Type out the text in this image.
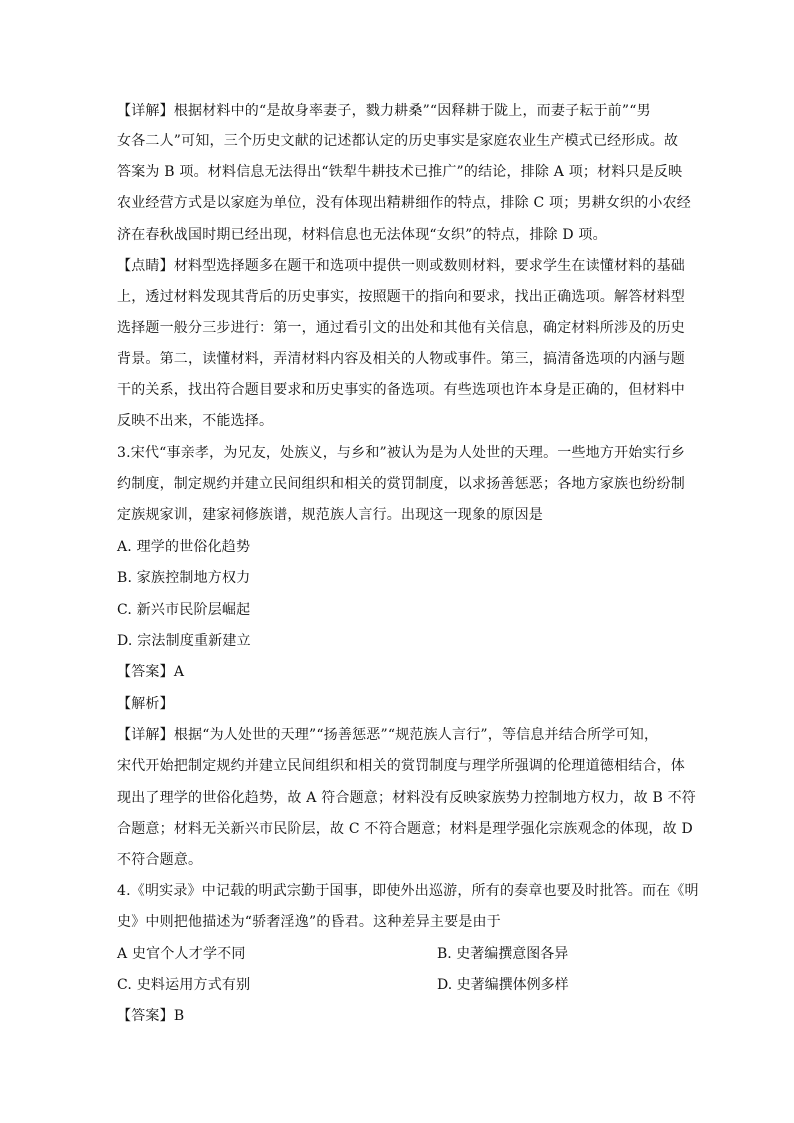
【详解】根据材料中的“是故身率妻子，戮力耕桑”“因释耕于陇上，而妻子耘于前”“男
女各二人”可知，三个历史文献的记述都认定的历史事实是家庭农业生产模式已经形成。故
答案为 B 项。材料信息无法得出“铁犁牛耕技术已推广”的结论，排除 A 项；材料只是反映
农业经营方式是以家庭为单位，没有体现出精耕细作的特点，排除 C 项；男耕女织的小农经
济在春秋战国时期已经出现，材料信息也无法体现“女织”的特点，排除 D 项。
【点睛】材料型选择题多在题干和选项中提供一则或数则材料，要求学生在读懂材料的基础
上，透过材料发现其背后的历史事实，按照题干的指向和要求，找出正确选项。解答材料型
选择题一般分三步进行：第一，通过看引文的出处和其他有关信息，确定材料所涉及的历史
背景。第二，读懂材料，弄清材料内容及相关的人物或事件。第三，搞清备选项的内涵与题
干的关系，找出符合题目要求和历史事实的备选项。有些选项也许本身是正确的，但材料中
反映不出来，不能选择。
3.宋代“事亲孝，为兄友，处族义，与乡和”被认为是为人处世的天理。一些地方开始实行乡
约制度，制定规约并建立民间组织和相关的赏罚制度，以求扬善惩恶；各地方家族也纷纷制
定族规家训，建家祠修族谱，规范族人言行。出现这一现象的原因是
A. 理学的世俗化趋势
B. 家族控制地方权力
C. 新兴市民阶层崛起
D. 宗法制度重新建立
【答案】A
【解析】
【详解】根据“为人处世的天理”“扬善惩恶”“规范族人言行”，等信息并结合所学可知，
宋代开始把制定规约并建立民间组织和相关的赏罚制度与理学所强调的伦理道德相结合，体
现出了理学的世俗化趋势，故 A 符合题意；材料没有反映家族势力控制地方权力，故 B 不符
合题意；材料无关新兴市民阶层，故 C 不符合题意；材料是理学强化宗族观念的体现，故 D
不符合题意。
4.《明实录》中记载的明武宗勤于国事，即使外出巡游，所有的奏章也要及时批答。而在《明
史》中则把他描述为“骄奢淫逸”的昏君。这种差异主要是由于
A 史官个人才学不同	B. 史著编撰意图各异
C. 史料运用方式有别	D. 史著编撰体例多样
【答案】B
